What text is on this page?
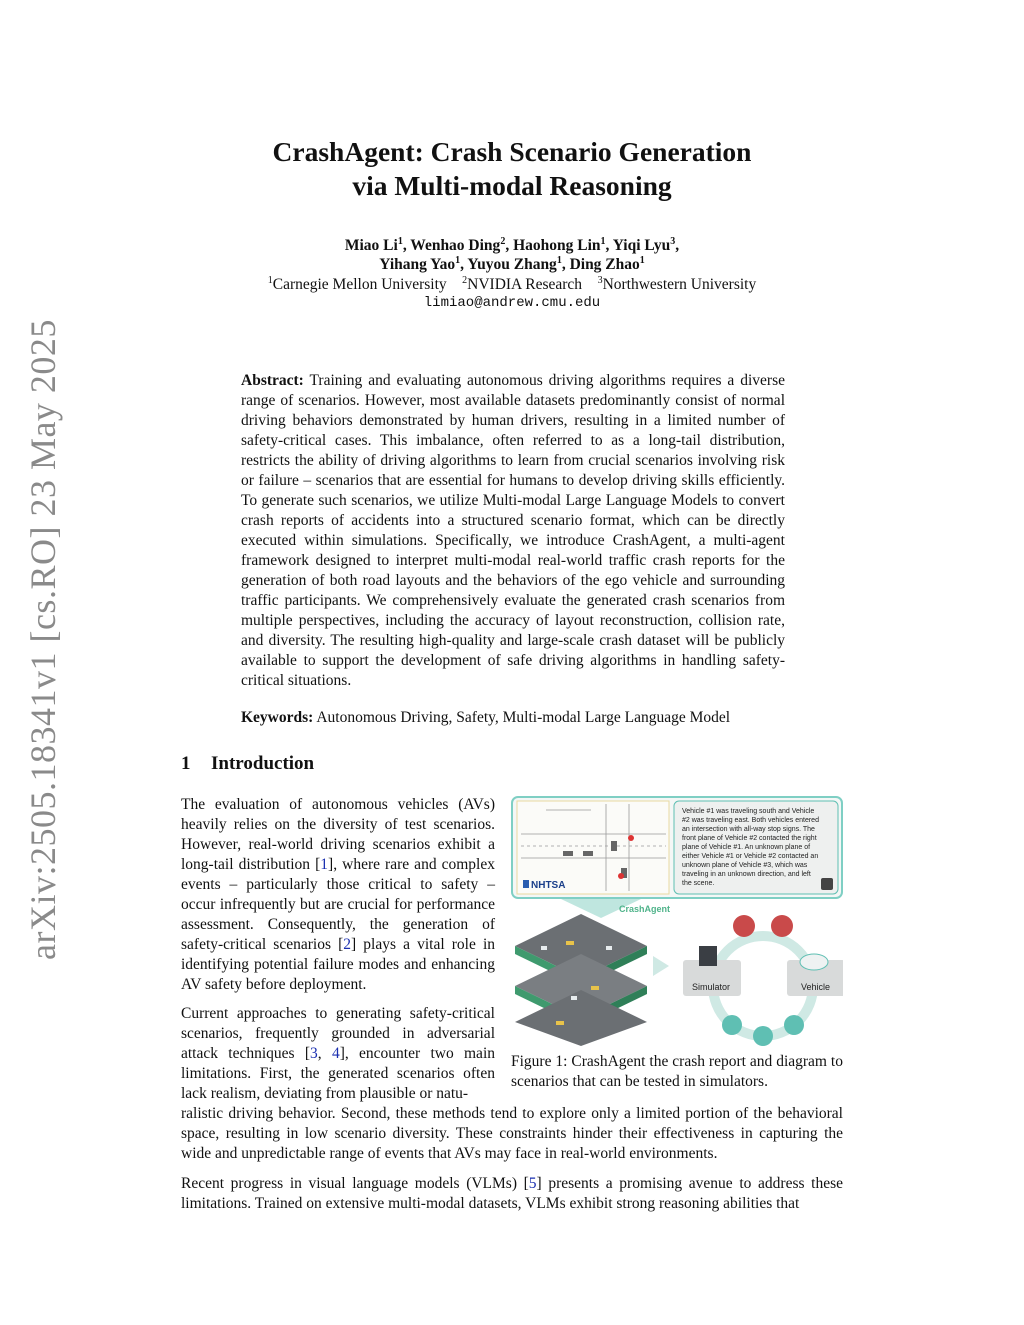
arXiv:2505.18341v1 [cs.RO] 23 May 2025
CrashAgent: Crash Scenario Generation
via Multi-modal Reasoning
Miao Li$^1$, Wenhao Ding$^2$, Haohong Lin$^1$, Yiqi Lyu$^3$,
Yihang Yao$^1$, Yuyou Zhang$^1$, Ding Zhao$^1$
$^1$Carnegie Mellon University $^2$NVIDIA Research $^3$Northwestern University
limiao@andrew.cmu.edu
Abstract: Training and evaluating autonomous driving algorithms requires a diverse range of scenarios. However, most available datasets predominantly consist of normal driving behaviors demonstrated by human drivers, resulting in a limited number of safety-critical cases. This imbalance, often referred to as a long-tail distribution, restricts the ability of driving algorithms to learn from crucial scenarios involving risk or failure – scenarios that are essential for humans to develop driving skills efficiently. To generate such scenarios, we utilize Multi-modal Large Language Models to convert crash reports of accidents into a structured scenario format, which can be directly executed within simulations. Specifically, we introduce CrashAgent, a multi-agent framework designed to interpret multi-modal real-world traffic crash reports for the generation of both road layouts and the behaviors of the ego vehicle and surrounding traffic participants. We comprehensively evaluate the generated crash scenarios from multiple perspectives, including the accuracy of layout reconstruction, collision rate, and diversity. The resulting high-quality and large-scale crash dataset will be publicly available to support the development of safe driving algorithms in handling safety-critical situations.
Keywords: Autonomous Driving, Safety, Multi-modal Large Language Model
1 Introduction
The evaluation of autonomous vehicles (AVs) heavily relies on the diversity of test scenarios. However, real-world driving scenarios exhibit a long-tail distribution [1], where rare and complex events – particularly those critical to safety – occur infrequently but are crucial for performance assessment. Consequently, the generation of safety-critical scenarios [2] plays a vital role in identifying potential failure modes and enhancing AV safety before deployment.
Current approaches to generating safety-critical scenarios, frequently grounded in adversarial attack techniques [3, 4], encounter two main limitations. First, the generated scenarios often lack realism, deviating from plausible or natu-
ralistic driving behavior. Second, these methods tend to explore only a limited portion of the behavioral space, resulting in low scenario diversity. These constraints hinder their effectiveness in capturing the wide and unpredictable range of events that AVs may face in real-world environments.
Recent progress in visual language models (VLMs) [5] presents a promising avenue to address these limitations. Trained on extensive multi-modal datasets, VLMs exhibit strong reasoning abilities that
NHTSA
Vehicle #1 was traveling south and Vehicle
#2 was traveling east. Both vehicles entered
an intersection with all-way stop signs. The
front plane of Vehicle #2 contacted the right
plane of Vehicle #1. An unknown plane of
either Vehicle #1 or Vehicle #2 contacted an
unknown plane of Vehicle #3, which was
traveling in an unknown direction, and left
the scene.
CrashAgent
Simulator	Vehicle
Figure 1: CrashAgent the crash report and diagram to scenarios that can be tested in simulators.
